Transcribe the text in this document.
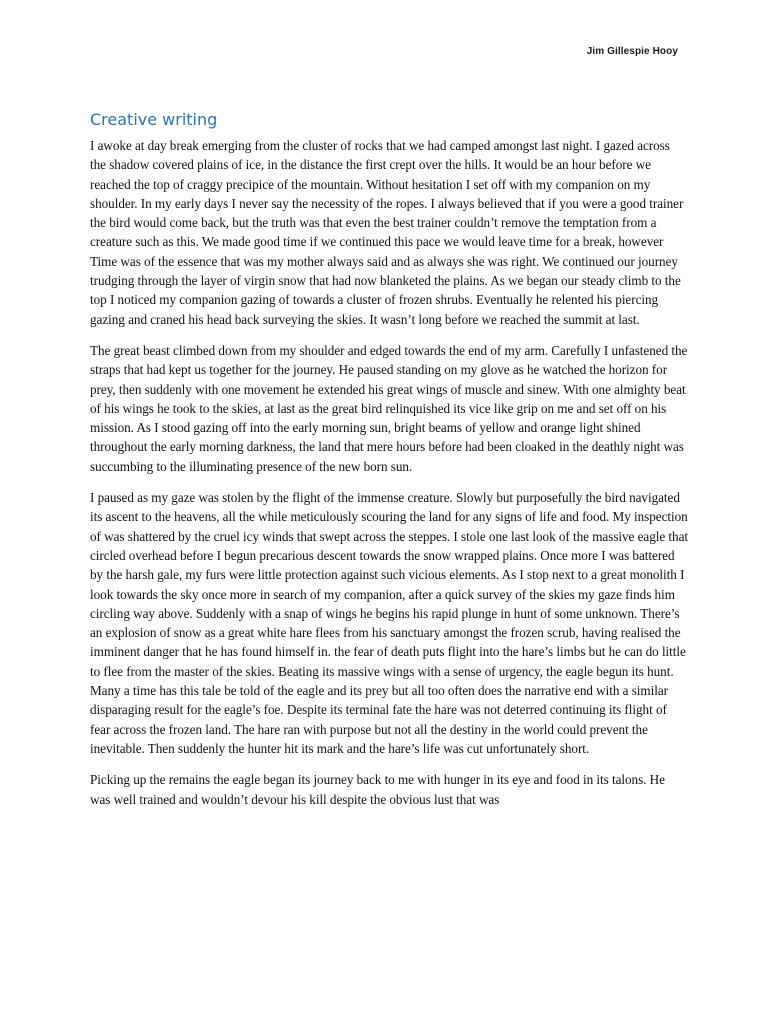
Jim Gillespie Hooy
Creative writing

I awoke at day break emerging from the cluster of rocks that we had camped amongst last night. I gazed across the shadow covered plains of ice, in the distance the first crept over the hills. It would be an hour before we reached the top of craggy precipice of the mountain. Without hesitation I set off with my companion on my shoulder. In my early days I never say the necessity of the ropes. I always believed that if you were a good trainer the bird would come back, but the truth was that even the best trainer couldn’t remove the temptation from a creature such as this. We made good time if we continued this pace we would leave time for a break, however Time was of the essence that was my mother always said and as always she was right. We continued our journey trudging through the layer of virgin snow that had now blanketed the plains. As we began our steady climb to the top I noticed my companion gazing of towards a cluster of frozen shrubs. Eventually he relented his piercing gazing and craned his head back surveying the skies. It wasn’t long before we reached the summit at last.

The great beast climbed down from my shoulder and edged towards the end of my arm. Carefully I unfastened the straps that had kept us together for the journey. He paused standing on my glove as he watched the horizon for prey, then suddenly with one movement he extended his great wings of muscle and sinew. With one almighty beat of his wings he took to the skies, at last as the great bird relinquished its vice like grip on me and set off on his mission. As I stood gazing off into the early morning sun, bright beams of yellow and orange light shined throughout the early morning darkness, the land that mere hours before had been cloaked in the deathly night was succumbing to the illuminating presence of the new born sun.

I paused as my gaze was stolen by the flight of the immense creature. Slowly but purposefully the bird navigated its ascent to the heavens, all the while meticulously scouring the land for any signs of life and food. My inspection of was shattered by the cruel icy winds that swept across the steppes. I stole one last look of the massive eagle that circled overhead before I begun precarious descent towards the snow wrapped plains. Once more I was battered by the harsh gale, my furs were little protection against such vicious elements. As I stop next to a great monolith I look towards the sky once more in search of my companion, after a quick survey of the skies my gaze finds him circling way above. Suddenly with a snap of wings he begins his rapid plunge in hunt of some unknown. There’s an explosion of snow as a great white hare flees from his sanctuary amongst the frozen scrub, having realised the imminent danger that he has found himself in. the fear of death puts flight into the hare’s limbs but he can do little to flee from the master of the skies. Beating its massive wings with a sense of urgency, the eagle begun its hunt. Many a time has this tale be told of the eagle and its prey but all too often does the narrative end with a similar disparaging result for the eagle’s foe. Despite its terminal fate the hare was not deterred continuing its flight of fear across the frozen land. The hare ran with purpose but not all the destiny in the world could prevent the inevitable. Then suddenly the hunter hit its mark and the hare’s life was cut unfortunately short.

Picking up the remains the eagle began its journey back to me with hunger in its eye and food in its talons. He was well trained and wouldn’t devour his kill despite the obvious lust that was
